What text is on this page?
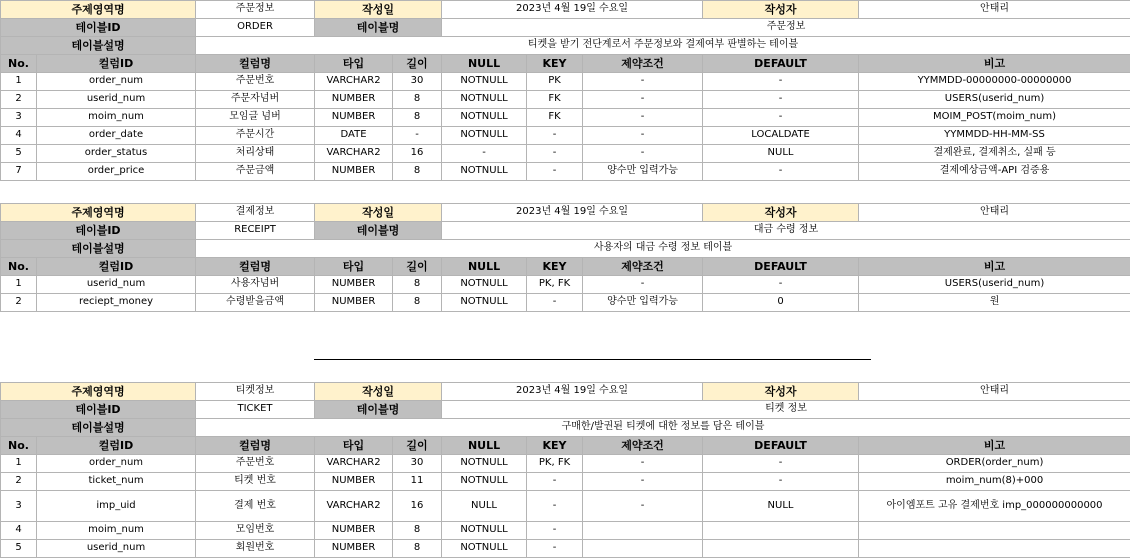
주제영역명		주문정보	작성일		2023년 4월 19일 수요일			작성자	안태리
테이블ID		ORDER	테이블명		주문정보				
테이블설명		티켓을 받기 전단계로서 주문정보와 결제여부 판별하는 테이블							
No.	컬럼ID	컬럼명	타입	길이	NULL	KEY	제약조건	DEFAULT	비고
1	order_num	주문번호	VARCHAR2	30	NOTNULL	PK	-	-	YYMMDD-00000000-00000000
2	userid_num	주문자넘버	NUMBER	8	NOTNULL	FK	-	-	USERS(userid_num)
3	moim_num	모임글 넘버	NUMBER	8	NOTNULL	FK	-	-	MOIM_POST(moim_num)
4	order_date	주문시간	DATE	-	NOTNULL	-	-	LOCALDATE	YYMMDD-HH-MM-SS
5	order_status	처리상태	VARCHAR2	16	-	-	-	NULL	결제완료, 결제취소, 실패 등
7	order_price	주문금액	NUMBER	8	NOTNULL	-	양수만 입력가능	-	결제예상금액-API 검증용
주제영역명		결제정보	작성일		2023년 4월 19일 수요일			작성자	안태리
테이블ID		RECEIPT	테이블명		대금 수령 정보				
테이블설명		사용자의 대금 수령 정보 테이블							
No.	컬럼ID	컬럼명	타입	길이	NULL	KEY	제약조건	DEFAULT	비고
1	userid_num	사용자넘버	NUMBER	8	NOTNULL	PK, FK	-	-	USERS(userid_num)
2	reciept_money	수령받을금액	NUMBER	8	NOTNULL	-	양수만 입력가능	0	원
주제영역명		티켓정보	작성일		2023년 4월 19일 수요일			작성자	안태리
테이블ID		TICKET	테이블명		티켓 정보				
테이블설명		구매한/발권된 티켓에 대한 정보를 담은 테이블							
No.	컬럼ID	컬럼명	타입	길이	NULL	KEY	제약조건	DEFAULT	비고
1	order_num	주문번호	VARCHAR2	30	NOTNULL	PK, FK	-	-	ORDER(order_num)
2	ticket_num	티켓 번호	NUMBER	11	NOTNULL	-	-	-	moim_num(8)+000
3	imp_uid	결제 번호	VARCHAR2	16	NULL	-	-	NULL	아이엠포트 고유 결제번호 imp_000000000000
4	moim_num	모임번호	NUMBER	8	NOTNULL	-			
5	userid_num	회원번호	NUMBER	8	NOTNULL	-			
